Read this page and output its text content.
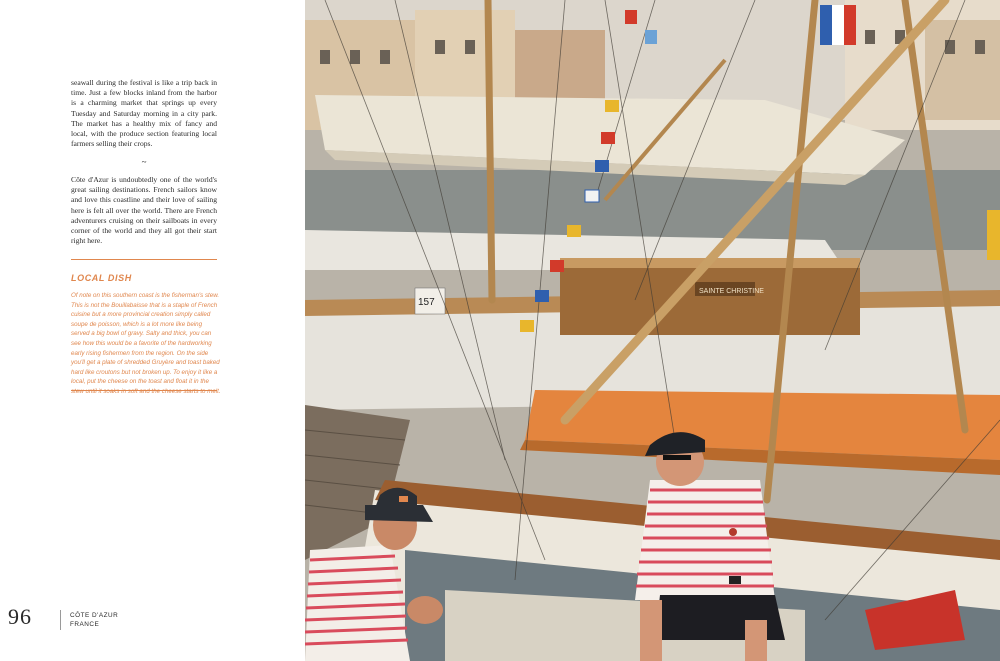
seawall during the festival is like a trip back in time. Just a few blocks inland from the harbor is a charming market that springs up every Tuesday and Saturday morning in a city park. The market has a healthy mix of fancy and local, with the produce section featuring local farmers selling their crops.

~

Côte d'Azur is undoubtedly one of the world's great sailing destinations. French sailors know and love this coastline and their love of sailing here is felt all over the world. There are French adventurers cruising on their sailboats in every corner of the world and they all got their start right here.

LOCAL DISH

Of note on this southern coast is the fisherman's stew. This is not the Bouillabaisse that is a staple of French cuisine but a more provincial creation simply called soupe de poisson, which is a lot more like being served a big bowl of gravy. Salty and thick, you can see how this would be a favorite of the hardworking early rising fishermen from the region. On the side you'll get a plate of shredded Gruyère and toast baked hard like croutons but not broken up. To enjoy it like a local, put the cheese on the toast and float it in the stew until it soaks in soft and the cheese starts to melt.

96	CÔTE D'AZUR
FRANCE
SAINTE CHRISTINE
157
